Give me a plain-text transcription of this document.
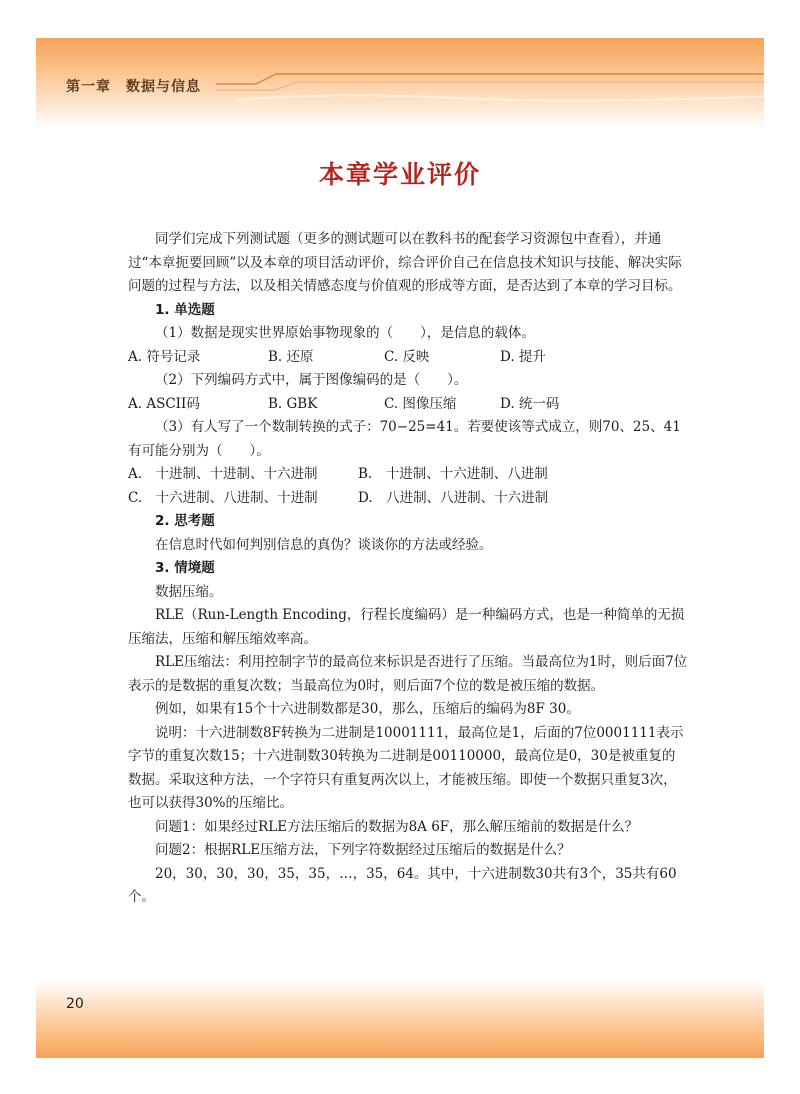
第一章　数据与信息
本章学业评价

同学们完成下列测试题（更多的测试题可以在教科书的配套学习资源包中查看），并通过“本章扼要回顾”以及本章的项目活动评价，综合评价自己在信息技术知识与技能、解决实际问题的过程与方法，以及相关情感态度与价值观的形成等方面，是否达到了本章的学习目标。

1. 单选题

（1）数据是现实世界原始事物现象的（　　），是信息的载体。

A. 符号记录	B. 还原	C. 反映	D. 提升

（2）下列编码方式中，属于图像编码的是（　　）。

A. ASCII码	B. GBK	C. 图像压缩	D. 统一码

（3）有人写了一个数制转换的式子：70−25=41。若要使该等式成立，则70、25、41有可能分别为（　　）。

A.　十进制、十进制、十六进制	B.　十进制、十六进制、八进制
C.　十六进制、八进制、十进制	D.　八进制、八进制、十六进制

2. 思考题

在信息时代如何判别信息的真伪？谈谈你的方法或经验。

3. 情境题

数据压缩。

RLE（Run-Length Encoding，行程长度编码）是一种编码方式，也是一种简单的无损压缩法，压缩和解压缩效率高。

RLE压缩法：利用控制字节的最高位来标识是否进行了压缩。当最高位为1时，则后面7位表示的是数据的重复次数；当最高位为0时，则后面7个位的数是被压缩的数据。

例如，如果有15个十六进制数都是30，那么，压缩后的编码为8F 30。

说明：十六进制数8F转换为二进制是10001111，最高位是1，后面的7位0001111表示字节的重复次数15；十六进制数30转换为二进制是00110000，最高位是0，30是被重复的数据。采取这种方法，一个字符只有重复两次以上，才能被压缩。即使一个数据只重复3次，也可以获得30%的压缩比。

问题1：如果经过RLE方法压缩后的数据为8A 6F，那么解压缩前的数据是什么？

问题2：根据RLE压缩方法，下列字符数据经过压缩后的数据是什么？

20，30，30，30，35，35，…，35，64。其中，十六进制数30共有3个，35共有60个。

20
